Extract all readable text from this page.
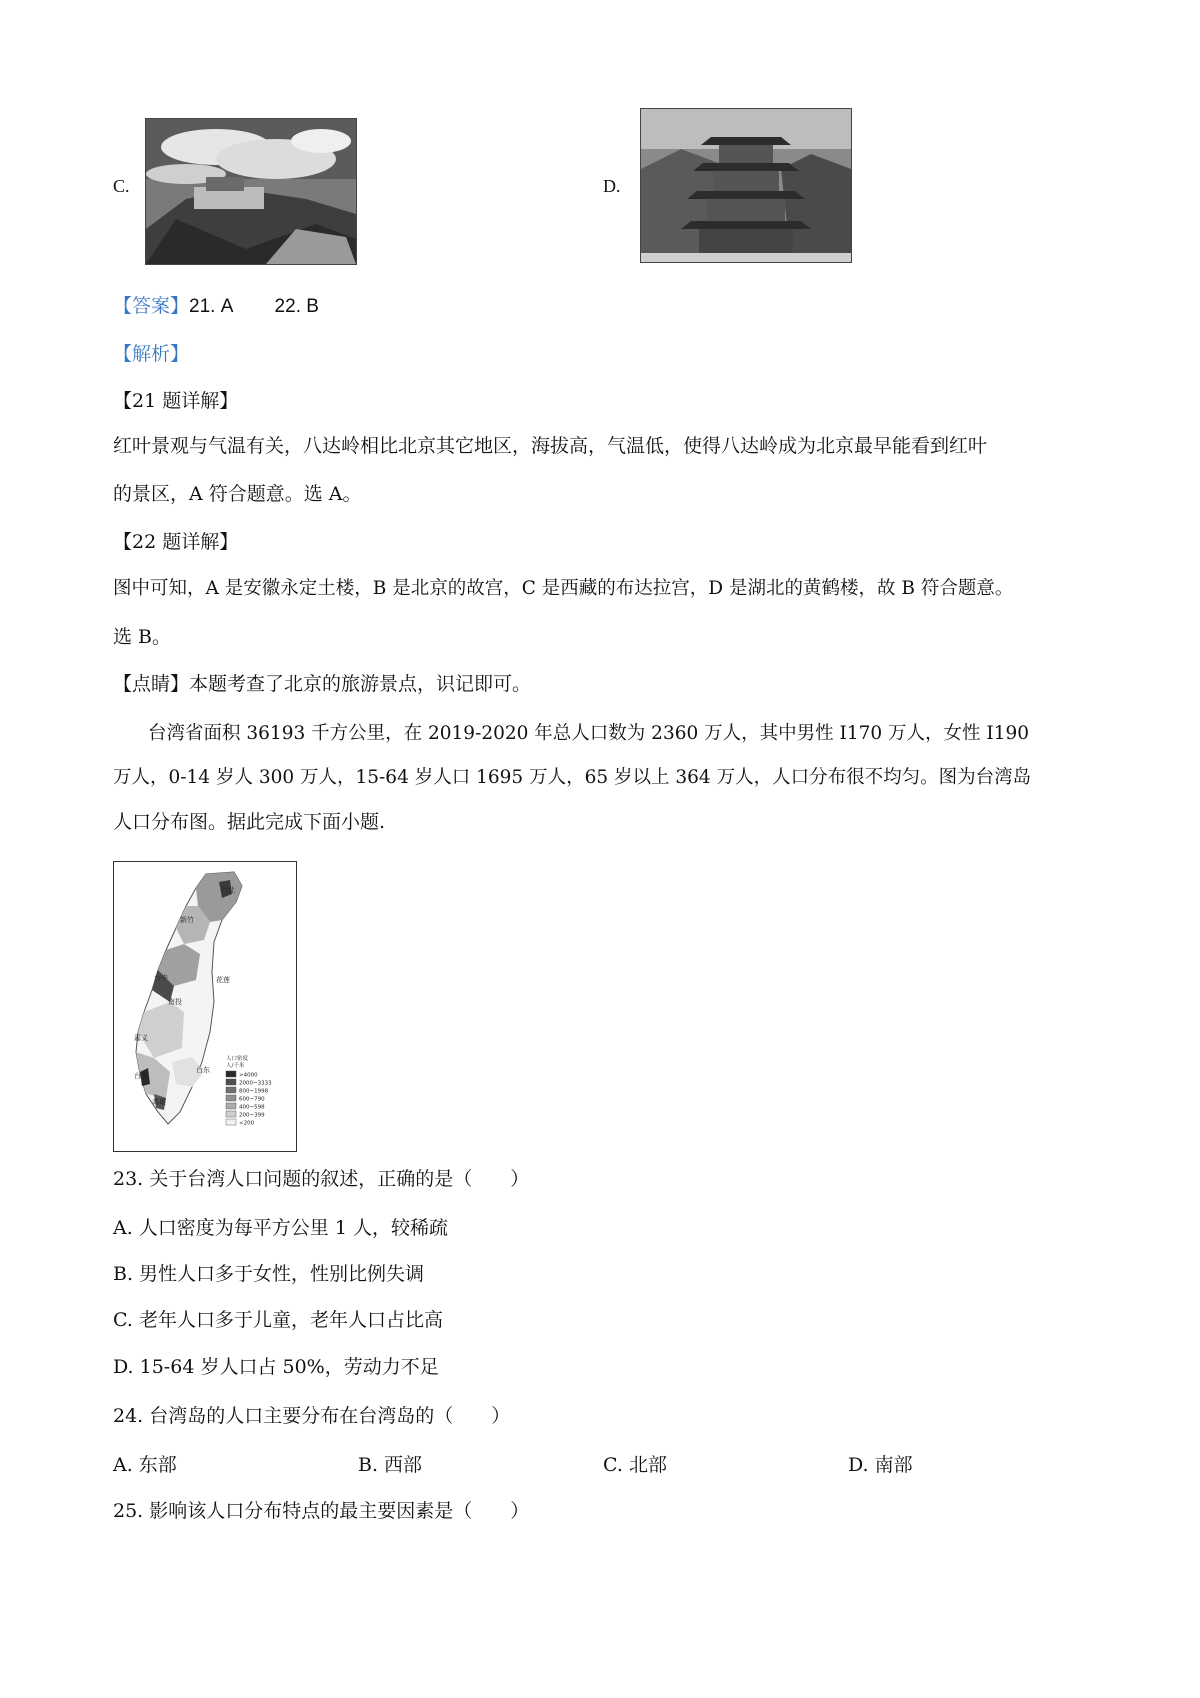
C.	D.
【答案】21. A        22. B
【解析】
【21 题详解】
红叶景观与气温有关，八达岭相比北京其它地区，海拔高，气温低，使得八达岭成为北京最早能看到红叶
的景区，A 符合题意。选 A。
【22 题详解】
图中可知，A 是安徽永定土楼，B 是北京的故宫，C 是西藏的布达拉宫，D 是湖北的黄鹤楼，故 B 符合题意。
选 B。
【点睛】本题考查了北京的旅游景点，识记即可。
台湾省面积 36193 千方公里，在 2019-2020 年总人口数为 2360 万人，其中男性 I170 万人，女性 I190
万人，0-14 岁人 300 万人，15-64 岁人口 1695 万人，65 岁以上 364 万人，人口分布很不均匀。图为台湾岛
人口分布图。据此完成下面小题.
台北
新竹
台中
南投
花莲
嘉义
台南
台东
高雄
人口密度
人/千米
>4000
2000~3333
800~1998
600~790
400~598
200~399
<200
23. 关于台湾人口问题的叙述，正确的是（　　）
A. 人口密度为每平方公里 1 人，较稀疏
B. 男性人口多于女性，性别比例失调
C. 老年人口多于儿童，老年人口占比高
D. 15-64 岁人口占 50%，劳动力不足
24. 台湾岛的人口主要分布在台湾岛的（　　）
A. 东部	B. 西部	C. 北部	D. 南部
25. 影响该人口分布特点的最主要因素是（　　）
